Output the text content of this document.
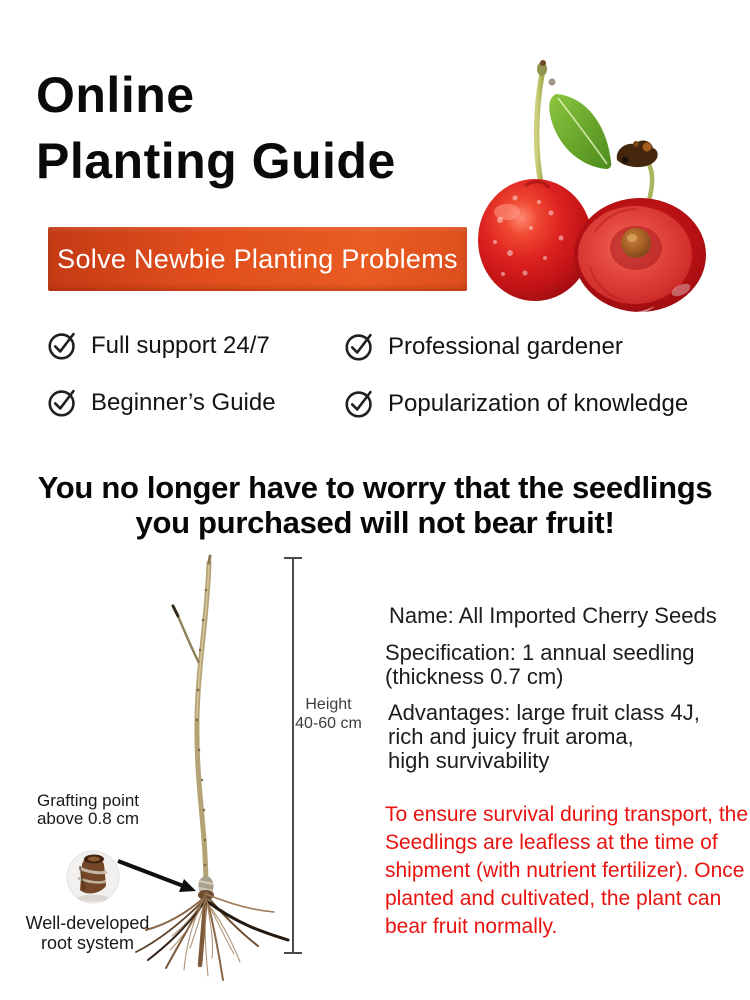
Online
Planting Guide
Solve Newbie Planting Problems
Full support 24/7	Professional gardener
Beginner’s Guide	Popularization of knowledge
You no longer have to worry that the seedlings
you purchased will not bear fruit!
Height
40-60 cm
Grafting point
above 0.8 cm
Well-developed
root system
Name: All Imported Cherry Seeds
Specification: 1 annual seedling
(thickness 0.7 cm)
Advantages: large fruit class 4J,
rich and juicy fruit aroma,
high survivability
To ensure survival during transport, the
Seedlings are leafless at the time of
shipment (with nutrient fertilizer). Once
planted and cultivated, the plant can
bear fruit normally.
